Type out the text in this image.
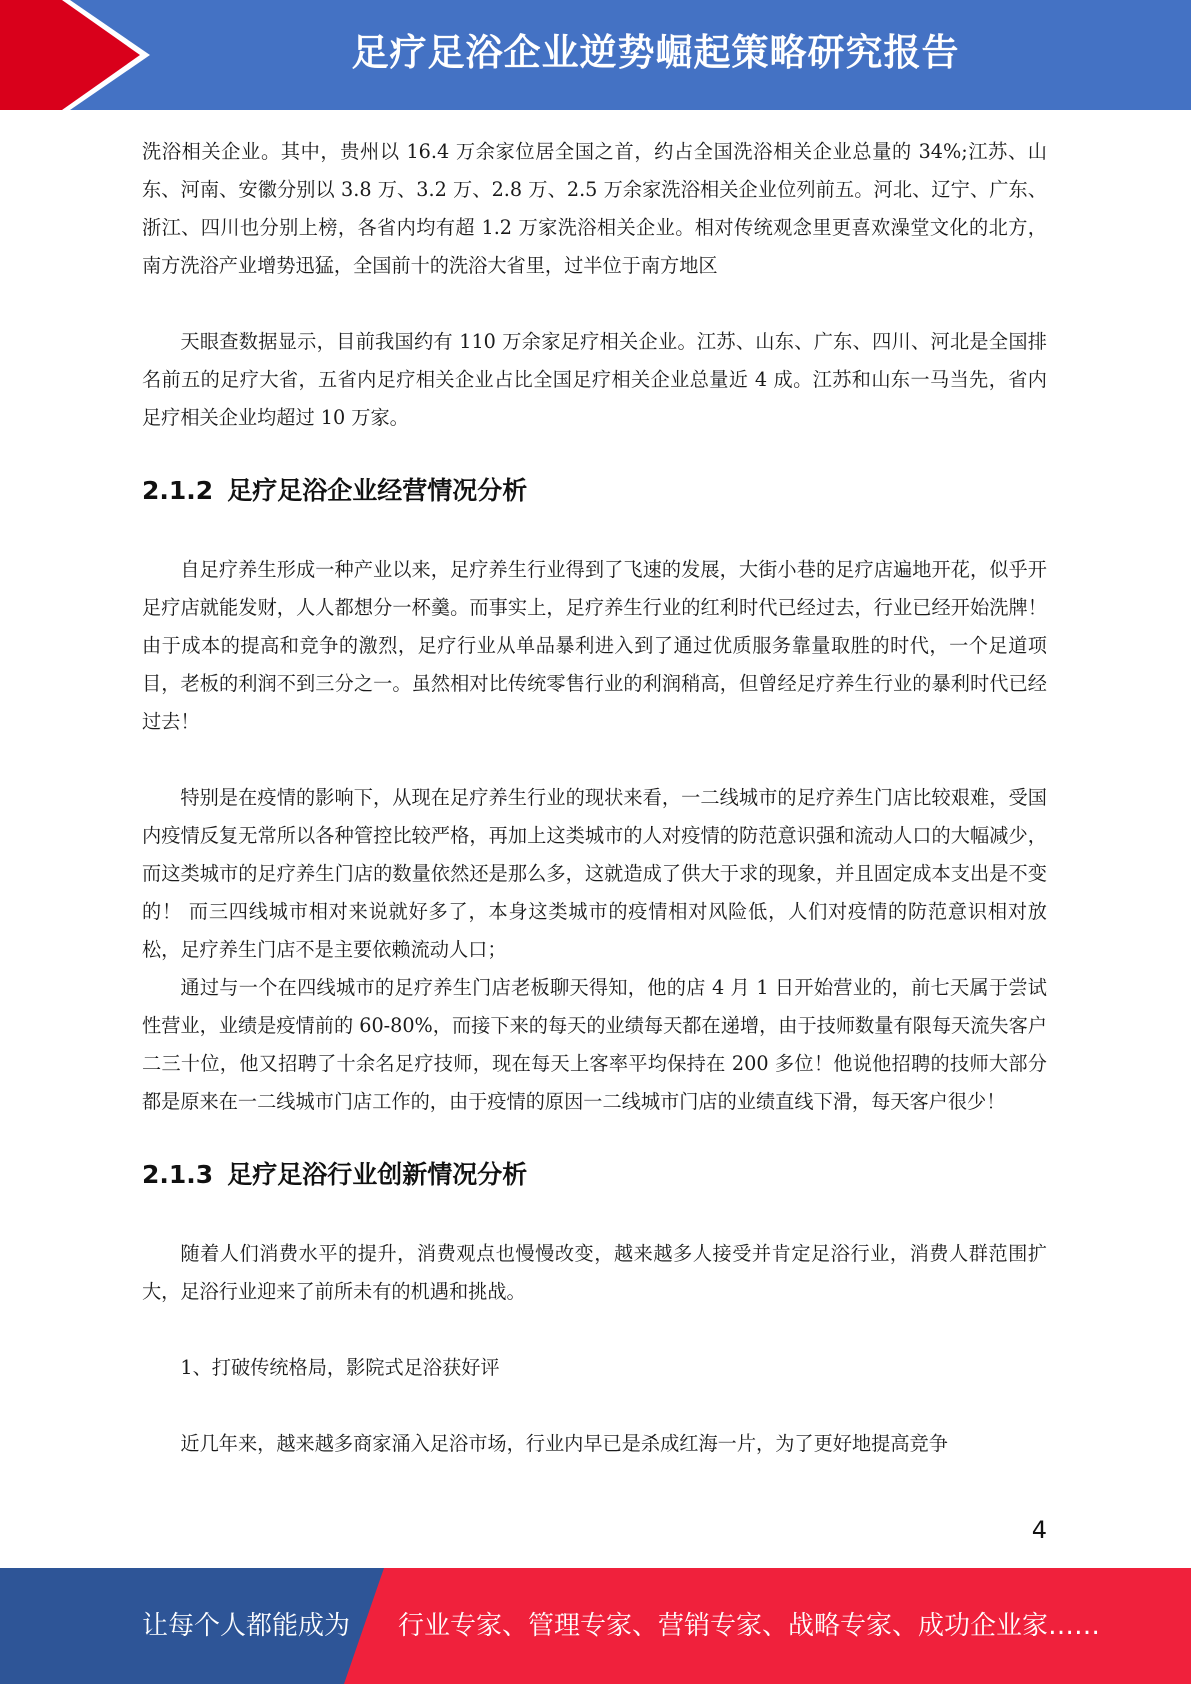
足疗足浴企业逆势崛起策略研究报告

洗浴相关企业。其中，贵州以 16.4 万余家位居全国之首，约占全国洗浴相关企业总量的 34%;江苏、山东、河南、安徽分别以 3.8 万、3.2 万、2.8 万、2.5 万余家洗浴相关企业位列前五。河北、辽宁、广东、浙江、四川也分别上榜，各省内均有超 1.2 万家洗浴相关企业。相对传统观念里更喜欢澡堂文化的北方，南方洗浴产业增势迅猛，全国前十的洗浴大省里，过半位于南方地区

天眼查数据显示，目前我国约有 110 万余家足疗相关企业。江苏、山东、广东、四川、河北是全国排名前五的足疗大省，五省内足疗相关企业占比全国足疗相关企业总量近 4 成。江苏和山东一马当先，省内足疗相关企业均超过 10 万家。

2.1.2 足疗足浴企业经营情况分析

自足疗养生形成一种产业以来，足疗养生行业得到了飞速的发展，大街小巷的足疗店遍地开花，似乎开足疗店就能发财，人人都想分一杯羹。而事实上，足疗养生行业的红利时代已经过去，行业已经开始洗牌！由于成本的提高和竞争的激烈，足疗行业从单品暴利进入到了通过优质服务靠量取胜的时代，一个足道项目，老板的利润不到三分之一。虽然相对比传统零售行业的利润稍高，但曾经足疗养生行业的暴利时代已经过去！

特别是在疫情的影响下，从现在足疗养生行业的现状来看，一二线城市的足疗养生门店比较艰难，受国内疫情反复无常所以各种管控比较严格，再加上这类城市的人对疫情的防范意识强和流动人口的大幅减少，而这类城市的足疗养生门店的数量依然还是那么多，这就造成了供大于求的现象，并且固定成本支出是不变的！ 而三四线城市相对来说就好多了，本身这类城市的疫情相对风险低，人们对疫情的防范意识相对放松，足疗养生门店不是主要依赖流动人口；

通过与一个在四线城市的足疗养生门店老板聊天得知，他的店 4 月 1 日开始营业的，前七天属于尝试性营业，业绩是疫情前的 60-80%，而接下来的每天的业绩每天都在递增，由于技师数量有限每天流失客户二三十位，他又招聘了十余名足疗技师，现在每天上客率平均保持在 200 多位！他说他招聘的技师大部分都是原来在一二线城市门店工作的，由于疫情的原因一二线城市门店的业绩直线下滑，每天客户很少！

2.1.3 足疗足浴行业创新情况分析

随着人们消费水平的提升，消费观点也慢慢改变，越来越多人接受并肯定足浴行业，消费人群范围扩大，足浴行业迎来了前所未有的机遇和挑战。

1、打破传统格局，影院式足浴获好评

近几年来，越来越多商家涌入足浴市场，行业内早已是杀成红海一片，为了更好地提高竞争

4
让每个人都能成为 行业专家、管理专家、营销专家、战略专家、成功企业家……
